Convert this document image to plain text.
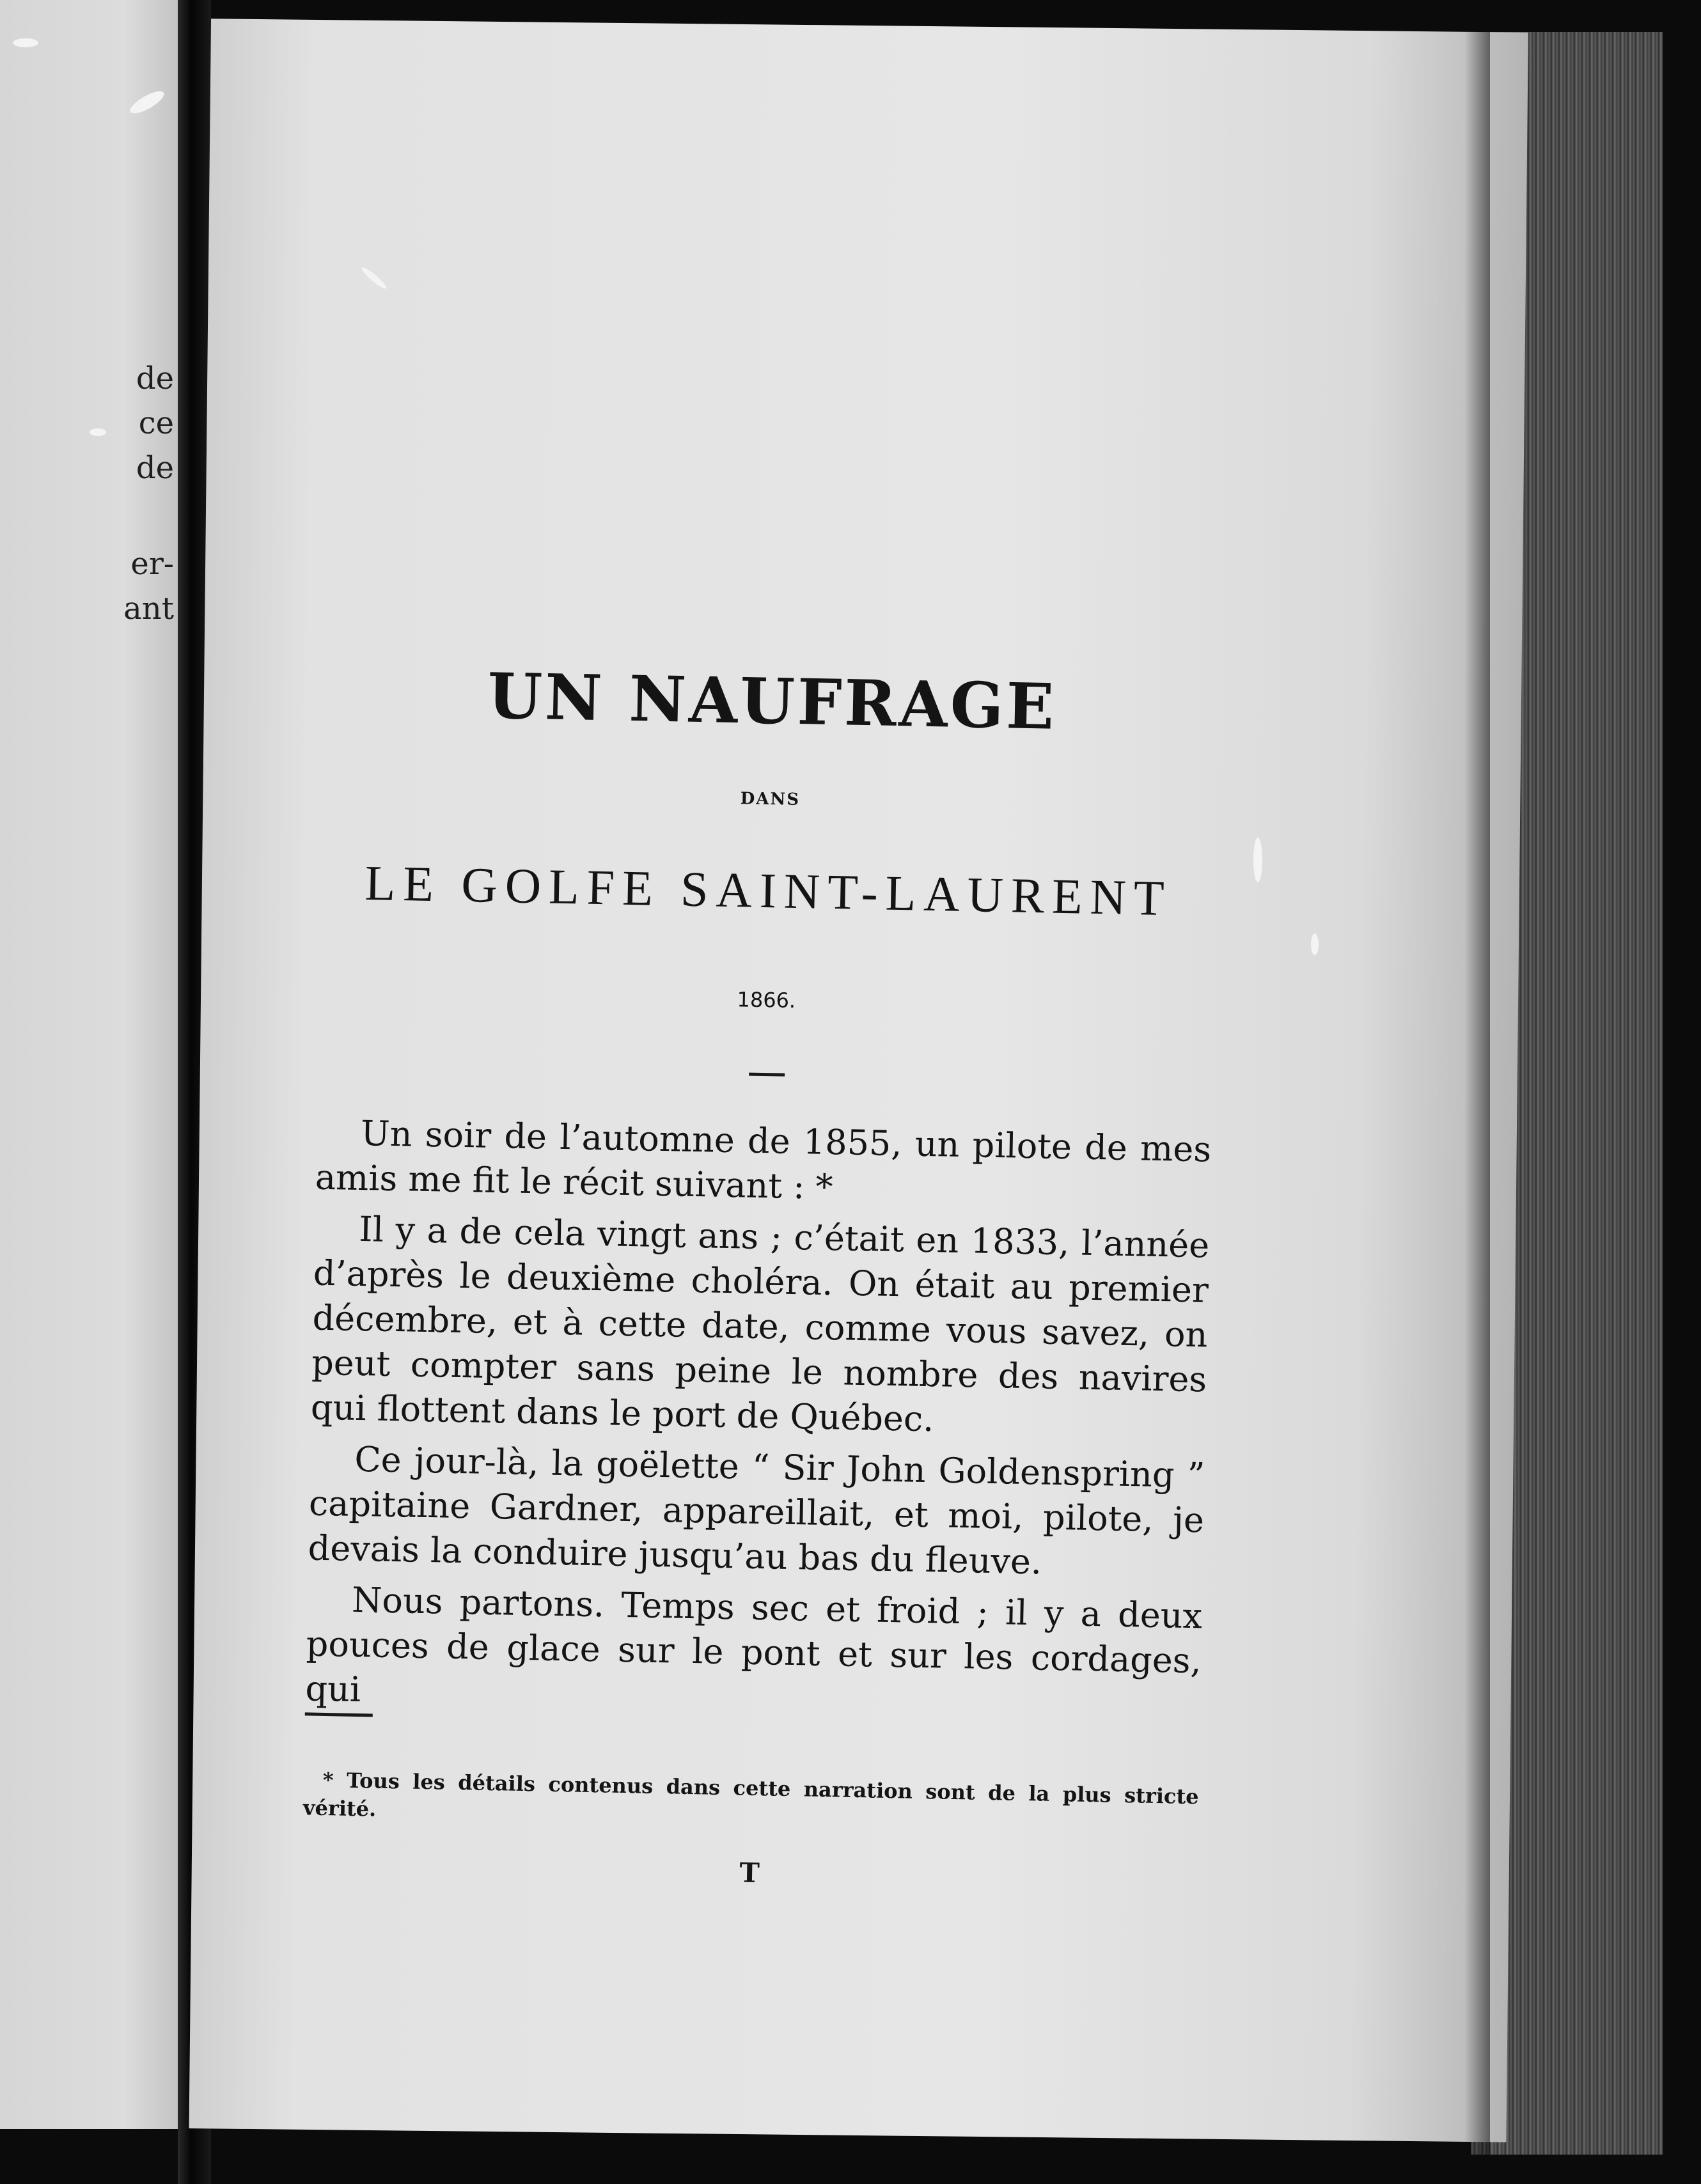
de
ce
de
er-
ant
UN NAUFRAGE
DANS
LE GOLFE SAINT-LAURENT
1866.

Un soir de l’automne de 1855, un pilote de mes amis me fit le récit suivant : *

Il y a de cela vingt ans ; c’était en 1833, l’année d’après le deuxième choléra. On était au premier décembre, et à cette date, comme vous savez, on peut compter sans peine le nombre des navires qui flottent dans le port de Québec.

Ce jour-là, la goëlette “ Sir John Goldenspring ” capitaine Gardner, appareillait, et moi, pilote, je devais la conduire jusqu’au bas du fleuve.

Nous partons. Temps sec et froid ; il y a deux pouces de glace sur le pont et sur les cordages, qui

* Tous les détails contenus dans cette narration sont de la plus stricte vérité.
T
